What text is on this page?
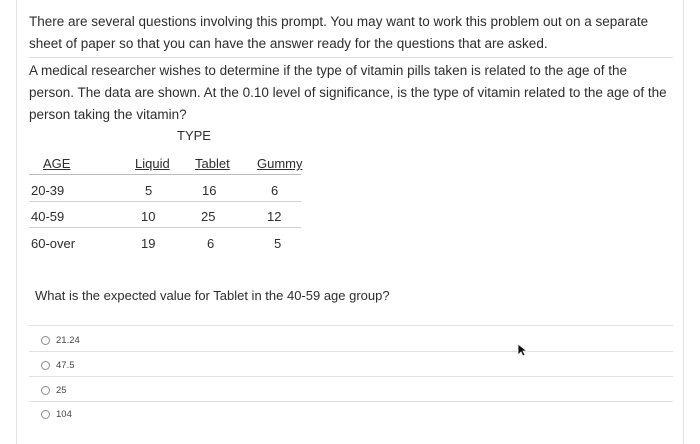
There are several questions involving this prompt. You may want to work this problem out on a separate sheet of paper so that you can have the answer ready for the questions that are asked.

A medical researcher wishes to determine if the type of vitamin pills taken is related to the age of the person. The data are shown. At the 0.10 level of significance, is the type of vitamin related to the age of the person taking the vitamin?

TYPE
AGE	Liquid Tablet Gummy
20-39	5	16	6
40-59	10	25	12
60-over	19	6	5
What is the expected value for Tablet in the 40-59 age group?
21.24
47.5
25
104
